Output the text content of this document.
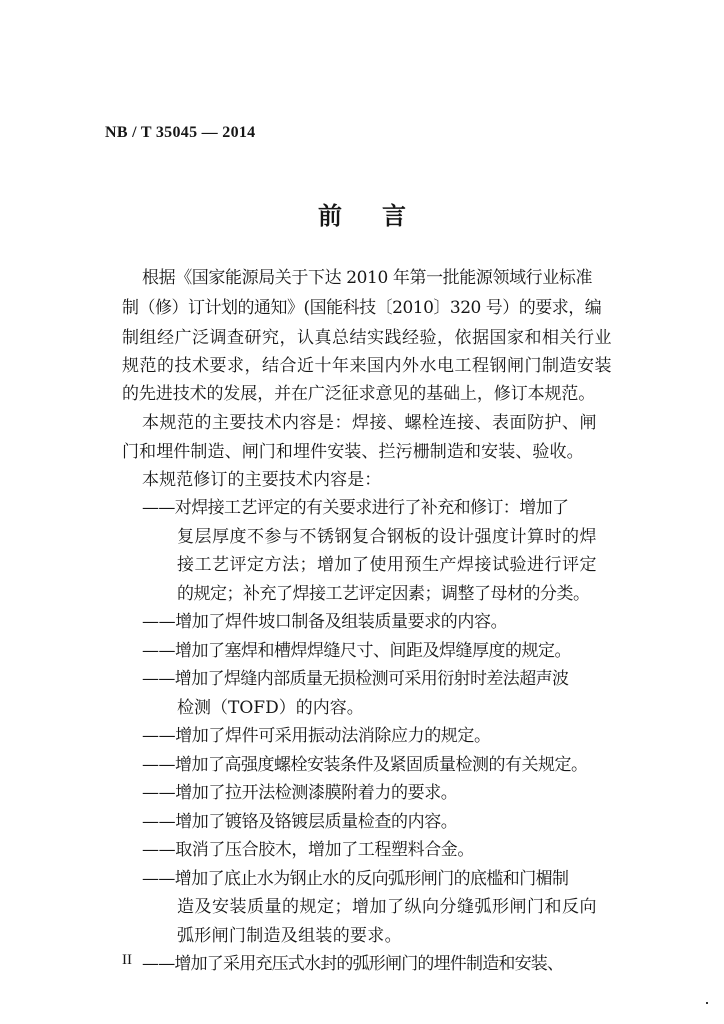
NB / T 35045 — 2014
前言
根据《国家能源局关于下达 2010 年第一批能源领域行业标准
制（修）订计划的通知》(国能科技〔2010〕320 号）的要求，编
制组经广泛调查研究，认真总结实践经验，依据国家和相关行业
规范的技术要求，结合近十年来国内外水电工程钢闸门制造安装
的先进技术的发展，并在广泛征求意见的基础上，修订本规范。
本规范的主要技术内容是：焊接、螺栓连接、表面防护、闸
门和埋件制造、闸门和埋件安装、拦污栅制造和安装、验收。
本规范修订的主要技术内容是：
——对焊接工艺评定的有关要求进行了补充和修订：增加了
复层厚度不参与不锈钢复合钢板的设计强度计算时的焊
接工艺评定方法；增加了使用预生产焊接试验进行评定
的规定；补充了焊接工艺评定因素；调整了母材的分类。
——增加了焊件坡口制备及组装质量要求的内容。
——增加了塞焊和槽焊焊缝尺寸、间距及焊缝厚度的规定。
——增加了焊缝内部质量无损检测可采用衍射时差法超声波
检测（TOFD）的内容。
——增加了焊件可采用振动法消除应力的规定。
——增加了高强度螺栓安装条件及紧固质量检测的有关规定。
——增加了拉开法检测漆膜附着力的要求。
——增加了镀铬及铬镀层质量检查的内容。
——取消了压合胶木，增加了工程塑料合金。
——增加了底止水为钢止水的反向弧形闸门的底槛和门楣制
造及安装质量的规定；增加了纵向分缝弧形闸门和反向
弧形闸门制造及组装的要求。
——增加了采用充压式水封的弧形闸门的埋件制造和安装、
II
